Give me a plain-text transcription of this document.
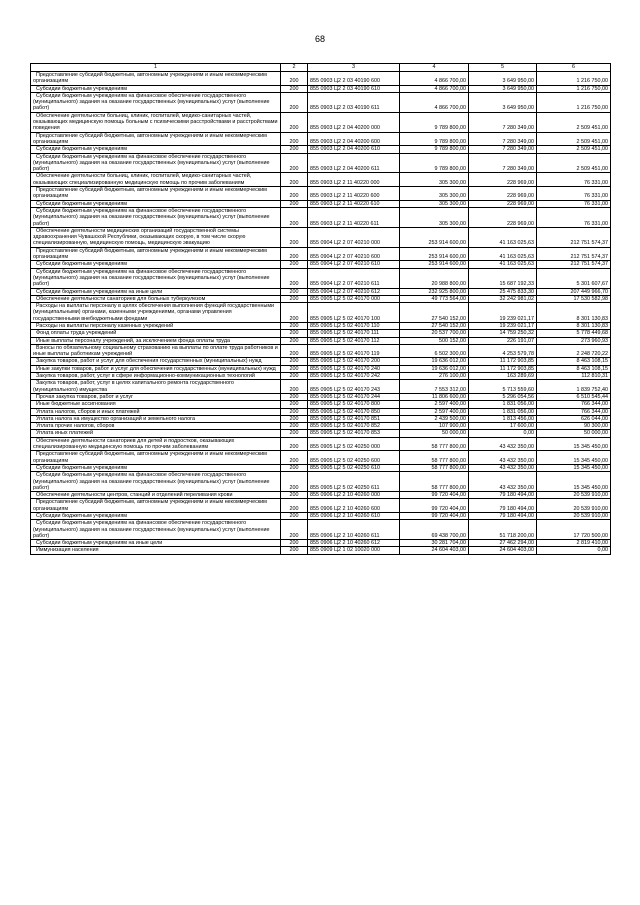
68
1	2	3	4	5	6
Предоставление субсидий бюджетным, автономным учреждениям и иным некоммерческим организациям	200	855 0903 Ц2 2 03 40190 600	4 866 700,00	3 649 950,00	1 216 750,00
Субсидии бюджетным учреждениям	200	855 0903 Ц2 2 03 40190 610	4 866 700,00	3 649 950,00	1 216 750,00
Субсидии бюджетным учреждениям на финансовое обеспечение государственного (муниципального) задания на оказание государственных (муниципальных) услуг (выполнение работ)	200	855 0903 Ц2 2 03 40190 611	4 866 700,00	3 649 950,00	1 216 750,00
Обеспечение деятельности больниц, клиник, госпиталей, медико-санитарных частей, оказывающих медицинскую помощь больным с психическими расстройствами и расстройствами поведения	200	855 0903 Ц2 2 04 40200 000	9 789 800,00	7 280 349,00	2 509 451,00
Предоставление субсидий бюджетным, автономным учреждениям и иным некоммерческим организациям	200	855 0903 Ц2 2 04 40200 600	9 789 800,00	7 280 349,00	2 509 451,00
Субсидии бюджетным учреждениям	200	855 0903 Ц2 2 04 40200 610	9 789 800,00	7 280 349,00	2 509 451,00
Субсидии бюджетным учреждениям на финансовое обеспечение государственного (муниципального) задания на оказание государственных (муниципальных) услуг (выполнение работ)	200	855 0903 Ц2 2 04 40200 611	9 789 800,00	7 280 349,00	2 509 451,00
Обеспечение деятельности больниц, клиник, госпиталей, медико-санитарных частей, оказывающих специализированную медицинскую помощь по прочим заболеваниям	200	855 0903 Ц2 2 11 40220 000	305 300,00	228 969,00	76 331,00
Предоставление субсидий бюджетным, автономным учреждениям и иным некоммерческим организациям	200	855 0903 Ц2 2 11 40220 600	305 300,00	228 969,00	76 331,00
Субсидии бюджетным учреждениям	200	855 0903 Ц2 2 11 40220 610	305 300,00	228 969,00	76 331,00
Субсидии бюджетным учреждениям на финансовое обеспечение государственного (муниципального) задания на оказание государственных (муниципальных) услуг (выполнение работ)	200	855 0903 Ц2 2 11 40220 611	305 300,00	228 969,00	76 331,00
Обеспечение деятельности медицинских организаций государственной системы здравоохранения Чувашской Республики, оказывающих скорую, в том числе скорую специализированную, медицинскую помощь, медицинскую эвакуацию	200	855 0904 Ц2 2 07 40210 000	253 914 600,00	41 163 025,63	212 751 574,37
Предоставление субсидий бюджетным, автономным учреждениям и иным некоммерческим организациям	200	855 0904 Ц2 2 07 40210 600	253 914 600,00	41 163 025,63	212 751 574,37
Субсидии бюджетным учреждениям	200	855 0904 Ц2 2 07 40210 610	253 914 600,00	41 163 025,63	212 751 574,37
Субсидии бюджетным учреждениям на финансовое обеспечение государственного (муниципального) задания на оказание государственных (муниципальных) услуг (выполнение работ)	200	855 0904 Ц2 2 07 40210 611	20 988 800,00	15 687 192,33	5 301 607,67
Субсидии бюджетным учреждениям на иные цели	200	855 0904 Ц2 2 07 40210 612	232 925 800,00	25 475 833,30	207 449 966,70
Обеспечение деятельности санаториев для больных туберкулезом	200	855 0905 Ц2 5 02 40170 000	49 773 564,00	32 242 981,02	17 530 582,98
Расходы на выплаты персоналу в целях обеспечения выполнения функций государственными (муниципальными) органами, казенными учреждениями, органами управления государственными внебюджетными фондами	200	855 0905 Ц2 5 02 40170 100	27 540 152,00	19 239 021,17	8 301 130,83
Расходы на выплаты персоналу казенных учреждений	200	855 0905 Ц2 5 02 40170 110	27 540 152,00	19 239 021,17	8 301 130,83
Фонд оплаты труда учреждений	200	855 0905 Ц2 5 02 40170 111	20 537 700,00	14 759 250,32	5 778 449,68
Иные выплаты персоналу учреждений, за исключением фонда оплаты труда	200	855 0905 Ц2 5 02 40170 112	500 152,00	226 191,07	273 960,93
Взносы по обязательному социальному страхованию на выплаты по оплате труда работников и иные выплаты работникам учреждений	200	855 0905 Ц2 5 02 40170 119	6 502 300,00	4 253 579,78	2 248 720,22
Закупка товаров, работ и услуг для обеспечения государственных (муниципальных) нужд	200	855 0905 Ц2 5 02 40170 200	19 636 012,00	11 172 903,85	8 463 108,15
Иные закупки товаров, работ и услуг для обеспечения государственных (муниципальных) нужд	200	855 0905 Ц2 5 02 40170 240	19 636 012,00	11 172 903,85	8 463 108,15
Закупка товаров, работ, услуг в сфере информационно-коммуникационных технологий	200	855 0905 Ц2 5 02 40170 242	276 100,00	163 289,69	112 810,31
Закупка товаров, работ, услуг в целях капитального ремонта государственного (муниципального) имущества	200	855 0905 Ц2 5 02 40170 243	7 553 312,00	5 713 559,60	1 839 752,40
Прочая закупка товаров, работ и услуг	200	855 0905 Ц2 5 02 40170 244	11 806 600,00	5 296 054,56	6 510 545,44
Иные бюджетные ассигнования	200	855 0905 Ц2 5 02 40170 800	2 597 400,00	1 831 056,00	766 344,00
Уплата налогов, сборов и иных платежей	200	855 0905 Ц2 5 02 40170 850	2 597 400,00	1 831 056,00	766 344,00
Уплата налога на имущество организаций и земельного налога	200	855 0905 Ц2 5 02 40170 851	2 439 500,00	1 813 456,00	626 044,00
Уплата прочих налогов, сборов	200	855 0905 Ц2 5 02 40170 852	107 900,00	17 600,00	90 300,00
Уплата иных платежей	200	855 0905 Ц2 5 02 40170 853	50 000,00	0,00	50 000,00
Обеспечение деятельности санаториев для детей и подростков, оказывающих специализированную медицинскую помощь по прочим заболеваниям	200	855 0905 Ц2 5 02 40250 000	58 777 800,00	43 432 350,00	15 345 450,00
Предоставление субсидий бюджетным, автономным учреждениям и иным некоммерческим организациям	200	855 0905 Ц2 5 02 40250 600	58 777 800,00	43 432 350,00	15 345 450,00
Субсидии бюджетным учреждениям	200	855 0905 Ц2 5 02 40250 610	58 777 800,00	43 432 350,00	15 345 450,00
Субсидии бюджетным учреждениям на финансовое обеспечение государственного (муниципального) задания на оказание государственных (муниципальных) услуг (выполнение работ)	200	855 0905 Ц2 5 02 40250 611	58 777 800,00	43 432 350,00	15 345 450,00
Обеспечение деятельности центров, станций и отделений переливания крови	200	855 0906 Ц2 2 10 40260 000	99 720 404,00	79 180 494,00	20 539 910,00
Предоставление субсидий бюджетным, автономным учреждениям и иным некоммерческим организациям	200	855 0906 Ц2 2 10 40260 600	99 720 404,00	79 180 494,00	20 539 910,00
Субсидии бюджетным учреждениям	200	855 0906 Ц2 2 10 40260 610	99 720 404,00	79 180 494,00	20 539 910,00
Субсидии бюджетным учреждениям на финансовое обеспечение государственного (муниципального) задания на оказание государственных (муниципальных) услуг (выполнение работ)	200	855 0906 Ц2 2 10 40260 611	69 438 700,00	51 718 200,00	17 720 500,00
Субсидии бюджетным учреждениям на иные цели	200	855 0906 Ц2 2 10 40260 612	30 281 704,00	27 462 294,00	2 819 410,00
Иммунизация населения	200	855 0909 Ц2 1 02 10020 000	24 604 403,00	24 604 403,00	0,00
